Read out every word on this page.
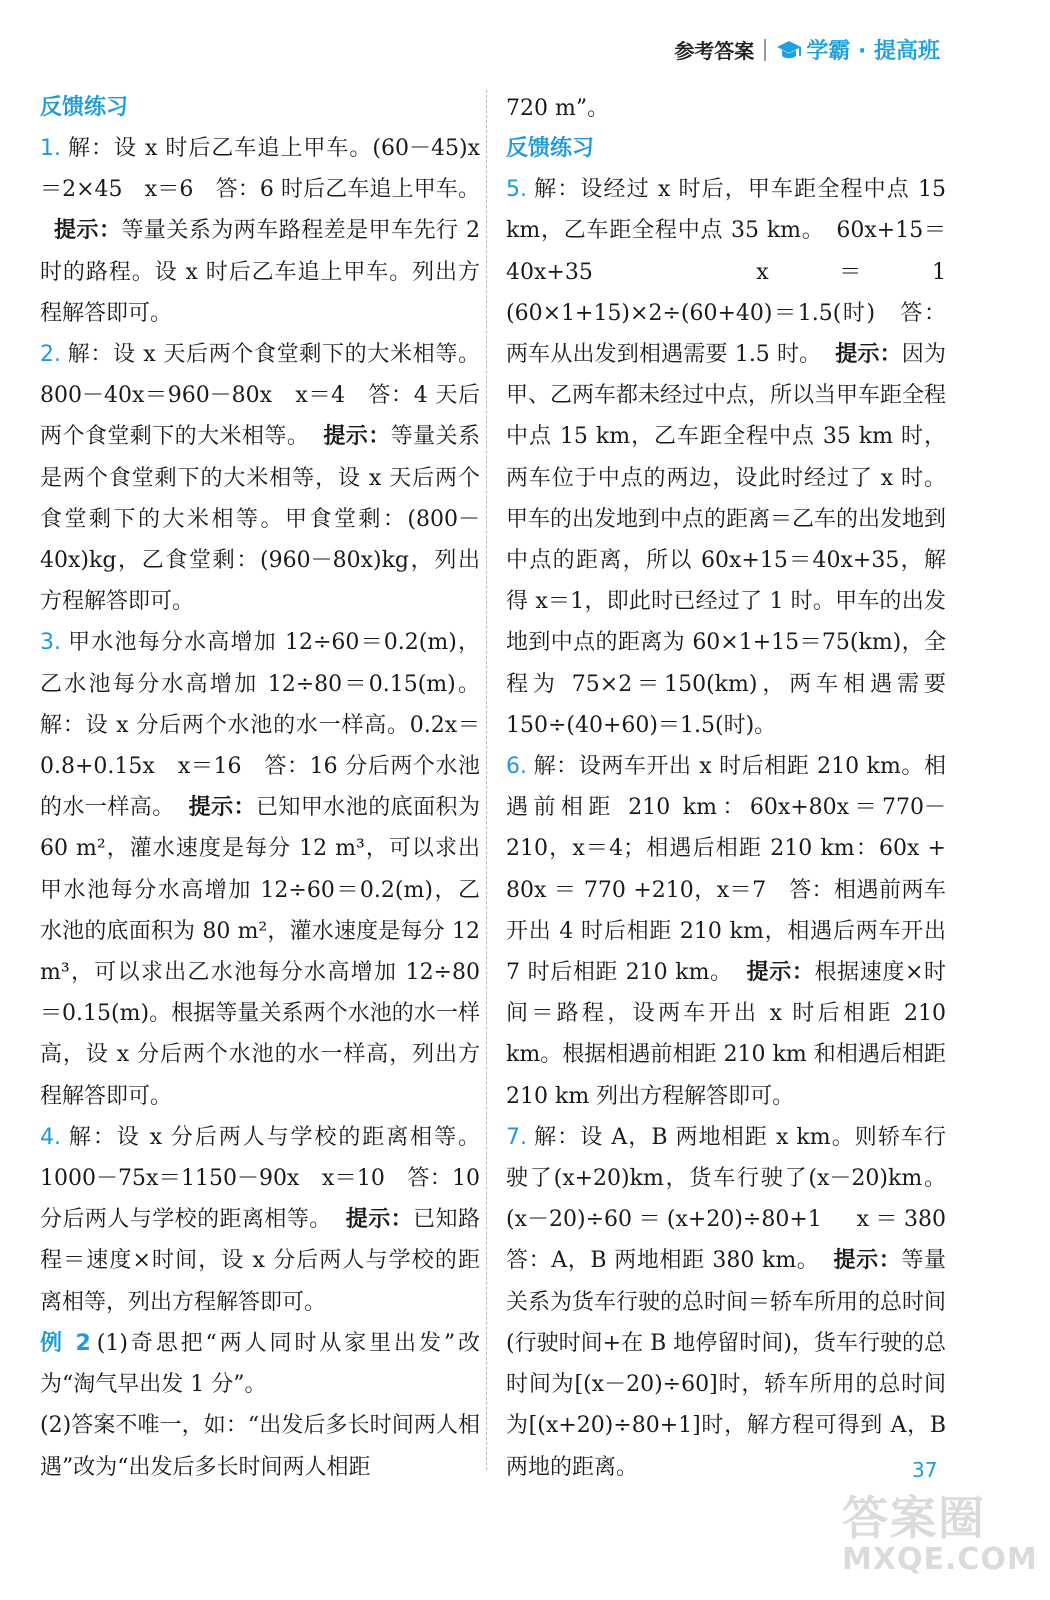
参考答案 学霸 · 提高班

反馈练习

1. 解：设 x 时后乙车追上甲车。(60－45)x＝2×45　x＝6　答：6 时后乙车追上甲车。提示：等量关系为两车路程差是甲车先行 2 时的路程。设 x 时后乙车追上甲车。列出方程解答即可。

2. 解：设 x 天后两个食堂剩下的大米相等。800－40x＝960－80x　x＝4　答：4 天后两个食堂剩下的大米相等。 提示：等量关系是两个食堂剩下的大米相等，设 x 天后两个食堂剩下的大米相等。甲食堂剩：(800－40x)kg，乙食堂剩：(960－80x)kg，列出方程解答即可。

3. 甲水池每分水高增加 12÷60＝0.2(m)，乙水池每分水高增加 12÷80＝0.15(m)。解：设 x 分后两个水池的水一样高。0.2x＝0.8+0.15x　x＝16　答：16 分后两个水池的水一样高。 提示：已知甲水池的底面积为 60 m²，灌水速度是每分 12 m³，可以求出甲水池每分水高增加 12÷60＝0.2(m)，乙水池的底面积为 80 m²，灌水速度是每分 12 m³，可以求出乙水池每分水高增加 12÷80＝0.15(m)。根据等量关系两个水池的水一样高，设 x 分后两个水池的水一样高，列出方程解答即可。

4. 解：设 x 分后两人与学校的距离相等。1000－75x＝1150－90x　x＝10　答：10 分后两人与学校的距离相等。 提示：已知路程＝速度×时间，设 x 分后两人与学校的距离相等，列出方程解答即可。

例 2 (1)奇思把“两人同时从家里出发”改为“淘气早出发 1 分”。

(2)答案不唯一，如：“出发后多长时间两人相遇”改为“出发后多长时间两人相距

720 m”。

反馈练习

5. 解：设经过 x 时后，甲车距全程中点 15 km，乙车距全程中点 35 km。　60x+15＝40x+35　x＝1　(60×1+15)×2÷(60+40)＝1.5(时)　答：两车从出发到相遇需要 1.5 时。 提示：因为甲、乙两车都未经过中点，所以当甲车距全程中点 15 km，乙车距全程中点 35 km 时，两车位于中点的两边，设此时经过了 x 时。甲车的出发地到中点的距离＝乙车的出发地到中点的距离，所以 60x+15＝40x+35，解得 x＝1，即此时已经过了 1 时。甲车的出发地到中点的距离为 60×1+15＝75(km)，全程为 75×2＝150(km)，两车相遇需要 150÷(40+60)＝1.5(时)。

6. 解：设两车开出 x 时后相距 210 km。相遇前相距 210 km：60x+80x＝770－210，x＝4；相遇后相距 210 km：60x + 80x ＝ 770 +210，x＝7　答：相遇前两车开出 4 时后相距 210 km，相遇后两车开出 7 时后相距 210 km。 提示：根据速度×时间＝路程，设两车开出 x 时后相距 210 km。根据相遇前相距 210 km 和相遇后相距 210 km 列出方程解答即可。

7. 解：设 A，B 两地相距 x km。则轿车行驶了(x+20)km，货车行驶了(x－20)km。(x－20)÷60＝(x+20)÷80+1　x＝380　答：A，B 两地相距 380 km。 提示：等量关系为货车行驶的总时间＝轿车所用的总时间(行驶时间+在 B 地停留时间)，货车行驶的总时间为[(x－20)÷60]时，轿车所用的总时间为[(x+20)÷80+1]时，解方程可得到 A，B 两地的距离。	37
答案圈
MXQE.COM
